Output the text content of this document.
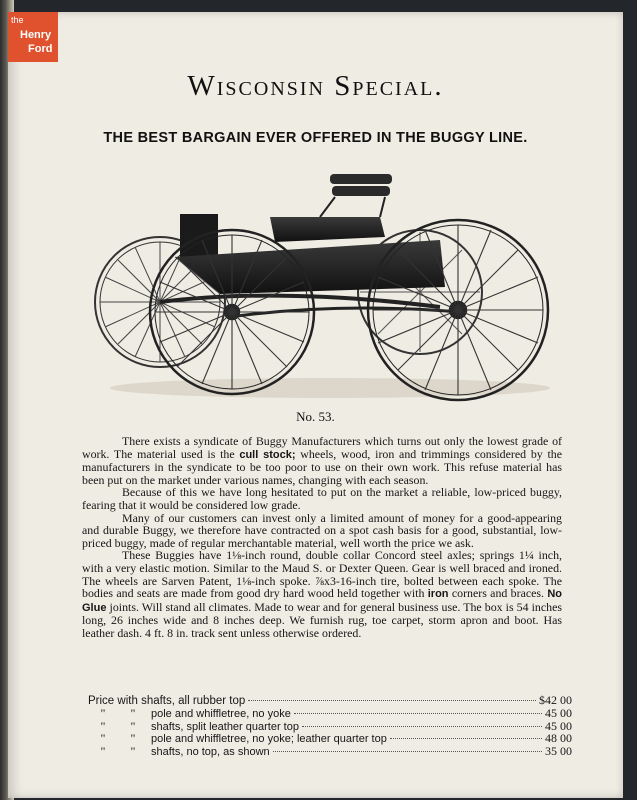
the
Henry
Ford
Wisconsin Special.
THE BEST BARGAIN EVER OFFERED IN THE BUGGY LINE.
No. 53.

There exists a syndicate of Buggy Manufacturers which turns out only the lowest grade of work. The material used is the cull stock; wheels, wood, iron and trimmings considered by the manufacturers in the syndicate to be too poor to use on their own work. This refuse material has been put on the market under various names, changing with each season.

Because of this we have long hesitated to put on the market a reliable, low-priced buggy, fearing that it would be considered low grade.

Many of our customers can invest only a limited amount of money for a good-appearing and durable Buggy, we therefore have contracted on a spot cash basis for a good, substantial, low-priced buggy, made of regular merchantable material, well worth the price we ask.

These Buggies have 1⅛-inch round, double collar Concord steel axles; springs 1¼ inch, with a very elastic motion. Similar to the Maud S. or Dexter Queen. Gear is well braced and ironed. The wheels are Sarven Patent, 1⅛-inch spoke. ⅞x3-16-inch tire, bolted between each spoke. The bodies and seats are made from good dry hard wood held together with iron corners and braces. No Glue joints. Will stand all climates. Made to wear and for general business use. The box is 54 inches long, 26 inches wide and 8 inches deep. We furnish rug, toe carpet, storm apron and boot. Has leather dash. 4 ft. 8 in. track sent unless otherwise ordered.

Price with shafts, all rubber top	$42 00
" " pole and whiffletree, no yoke	45 00
" " shafts, split leather quarter top	45 00
" " pole and whiffletree, no yoke; leather quarter top	48 00
" " shafts, no top, as shown	35 00
